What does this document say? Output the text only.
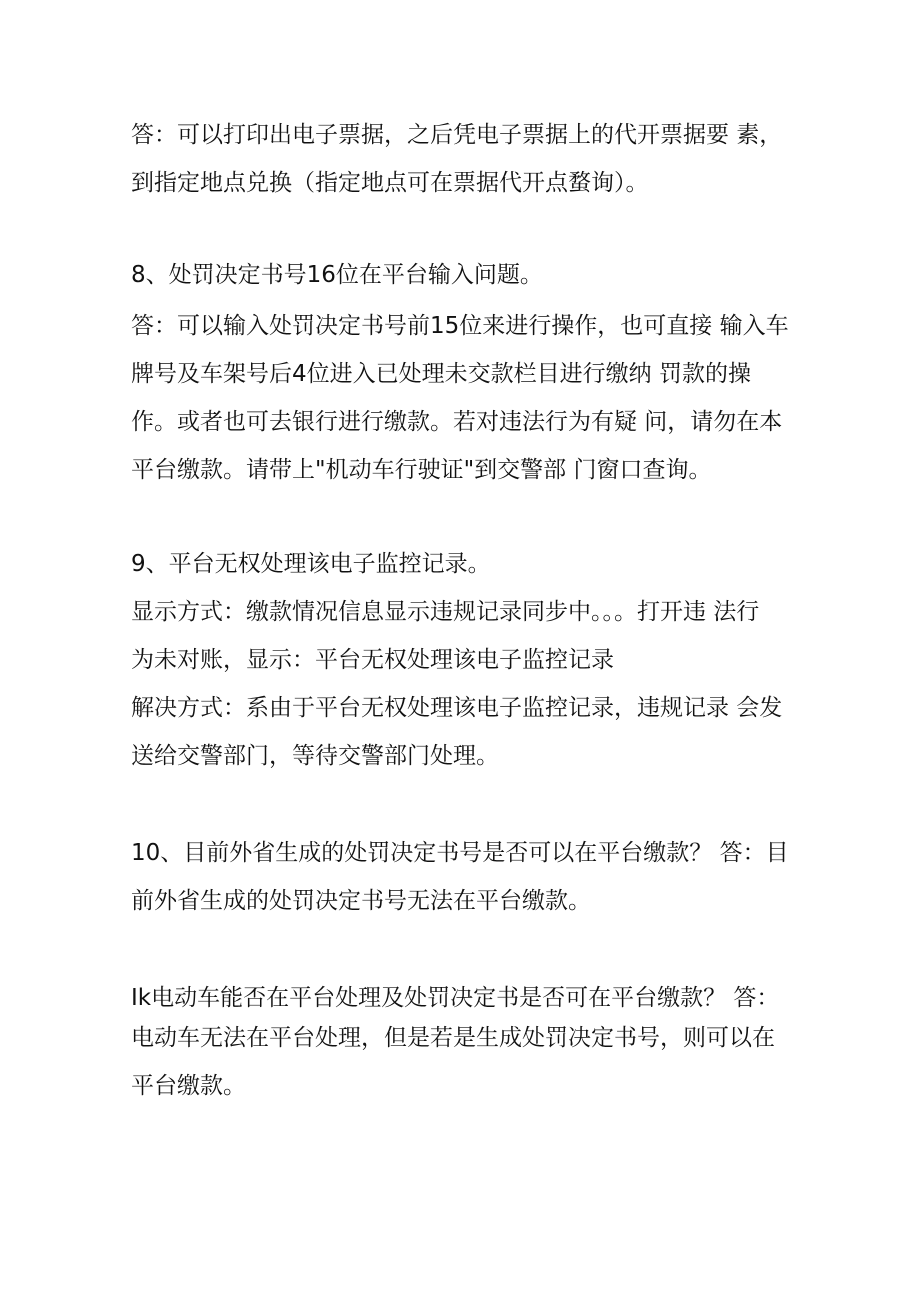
答：可以打印出电子票据，之后凭电子票据上的代开票据要 素，
到指定地点兑换（指定地点可在票据代开点蝥询）。
8、处罚决定书号16位在平台输入问题。
答：可以输入处罚决定书号前15位来进行操作，也可直接 输入车
牌号及车架号后4位进入已处理未交款栏目进行缴纳 罚款的操
作。或者也可去银行进行缴款。若对违法行为有疑 问，请勿在本
平台缴款。请带上"机动车行驶证"到交警部 门窗口查询。
9、平台无权处理该电子监控记录。
显示方式：缴款情况信息显示违规记录同步中。。。打开违 法行
为未对账，显示：平台无权处理该电子监控记录
解决方式：系由于平台无权处理该电子监控记录，违规记录 会发
送给交警部门，等待交警部门处理。
10、目前外省生成的处罚决定书号是否可以在平台缴款？ 答：目
前外省生成的处罚决定书号无法在平台缴款。
Ik电动车能否在平台处理及处罚决定书是否可在平台缴款？ 答：
电动车无法在平台处理，但是若是生成处罚决定书号，则可以在
平台缴款。
